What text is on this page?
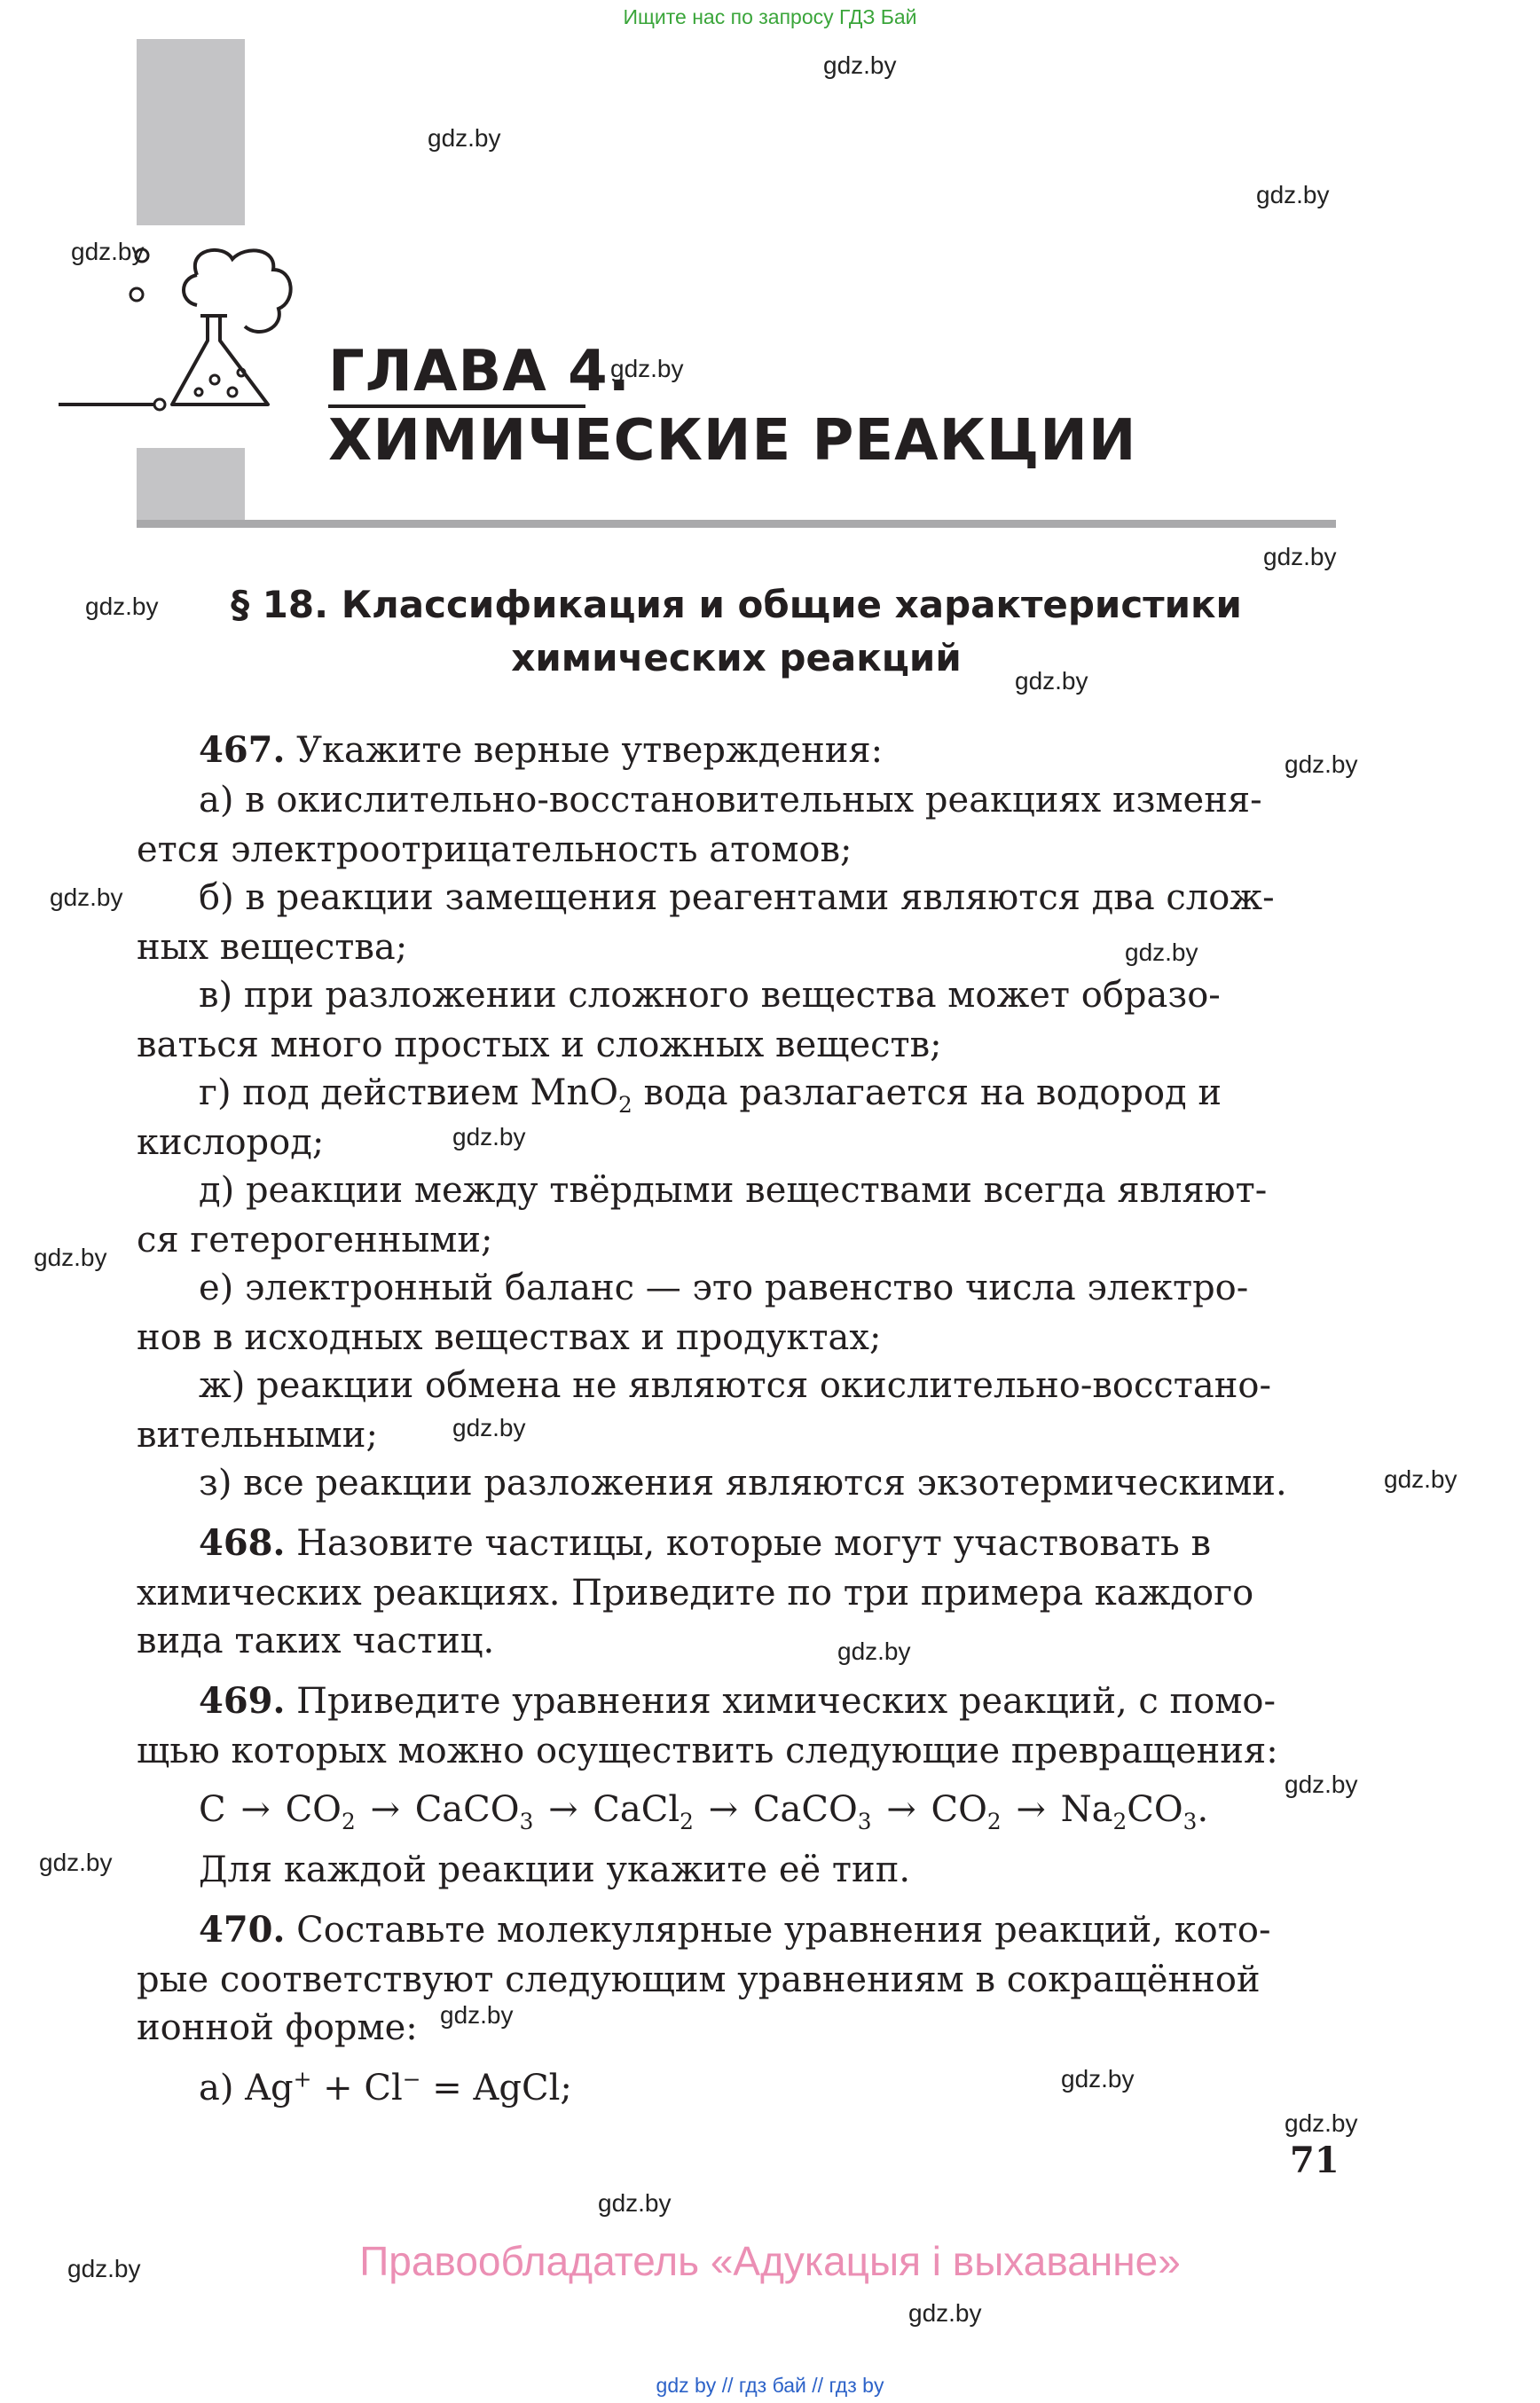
Ищите нас по запросу ГДЗ Бай
ГЛАВА 4.
ХИМИЧЕСКИЕ РЕАКЦИИ
§ 18. Классификация и общие характеристики
химических реакций
467. Укажите верные утверждения:
а) в окислительно-восстановительных реакциях изменя-
ется электроотрицательность атомов;
б) в реакции замещения реагентами являются два слож-
ных вещества;
в) при разложении сложного вещества может образо-
ваться много простых и сложных веществ;
г) под действием MnO$_2$ вода разлагается на водород и
кислород;
д) реакции между твёрдыми веществами всегда являют-
ся гетерогенными;
е) электронный баланс — это равенство числа электро-
нов в исходных веществах и продуктах;
ж) реакции обмена не являются окислительно-восстано-
вительными;
з) все реакции разложения являются экзотермическими.
468. Назовите частицы, которые могут участвовать в
химических реакциях. Приведите по три примера каждого
вида таких частиц.
469. Приведите уравнения химических реакций, с помо-
щью которых можно осуществить следующие превращения:
$C \to CO_2$ → CaCO$_3$ → CaCl$_2$ → CaCO$_3$ → $CO_2 \to Na_2CO_3$.
Для каждой реакции укажите её тип.
470. Составьте молекулярные уравнения реакций, кото-
рые соответствуют следующим уравнениям в сокращённой
ионной форме:
а) Ag+ + Cl− = AgCl;
71
Правообладатель «Адукацыя і выхаванне»
gdz.by
gdz.by
gdz.by
gdz.by
gdz.by
gdz.by
gdz.by
gdz.by
gdz.by
gdz.by
gdz.by
gdz.by
gdz.by
gdz.by
gdz.by
gdz.by
gdz.by
gdz.by
gdz.by
gdz.by
gdz.by
gdz.by
gdz.by
gdz.by
gdz by // гдз бай // гдз by
